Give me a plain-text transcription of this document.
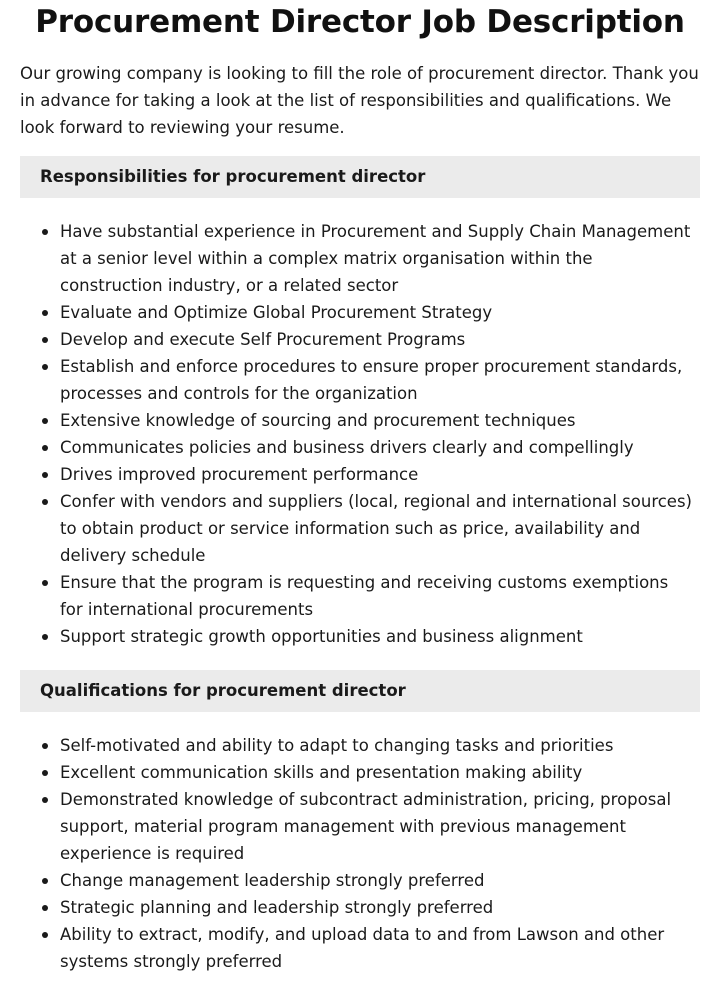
Procurement Director Job Description

Our growing company is looking to fill the role of procurement director. Thank you in advance for taking a look at the list of responsibilities and qualifications. We look forward to reviewing your resume.

Responsibilities for procurement director
Have substantial experience in Procurement and Supply Chain Management at a senior level within a complex matrix organisation within the construction industry, or a related sector
Evaluate and Optimize Global Procurement Strategy
Develop and execute Self Procurement Programs
Establish and enforce procedures to ensure proper procurement standards, processes and controls for the organization
Extensive knowledge of sourcing and procurement techniques
Communicates policies and business drivers clearly and compellingly
Drives improved procurement performance
Confer with vendors and suppliers (local, regional and international sources) to obtain product or service information such as price, availability and delivery schedule
Ensure that the program is requesting and receiving customs exemptions for international procurements
Support strategic growth opportunities and business alignment
Qualifications for procurement director
Self-motivated and ability to adapt to changing tasks and priorities
Excellent communication skills and presentation making ability
Demonstrated knowledge of subcontract administration, pricing, proposal support, material program management with previous management experience is required
Change management leadership strongly preferred
Strategic planning and leadership strongly preferred
Ability to extract, modify, and upload data to and from Lawson and other systems strongly preferred
